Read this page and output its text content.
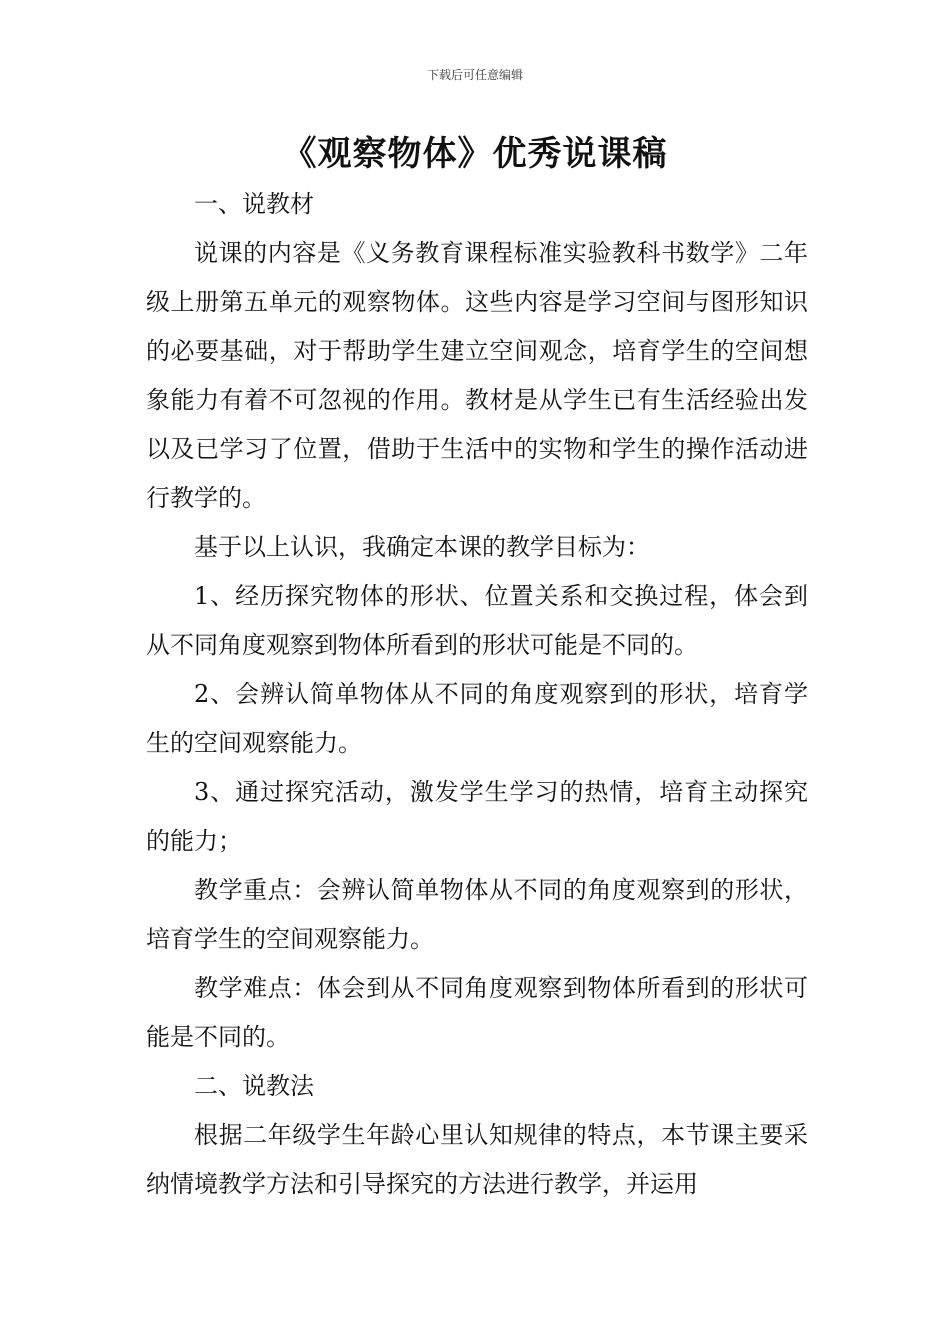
下载后可任意编辑
《观察物体》优秀说课稿

一、说教材

说课的内容是《义务教育课程标准实验教科书数学》二年级上册第五单元的观察物体。这些内容是学习空间与图形知识的必要基础，对于帮助学生建立空间观念，培育学生的空间想象能力有着不可忽视的作用。教材是从学生已有生活经验出发以及已学习了位置，借助于生活中的实物和学生的操作活动进行教学的。

基于以上认识，我确定本课的教学目标为：

1、经历探究物体的形状、位置关系和交换过程，体会到从不同角度观察到物体所看到的形状可能是不同的。

2、会辨认简单物体从不同的角度观察到的形状，培育学生的空间观察能力。

3、通过探究活动，激发学生学习的热情，培育主动探究的能力；

教学重点：会辨认简单物体从不同的角度观察到的形状，培育学生的空间观察能力。

教学难点：体会到从不同角度观察到物体所看到的形状可能是不同的。

二、说教法

根据二年级学生年龄心里认知规律的特点，本节课主要采纳情境教学方法和引导探究的方法进行教学，并运用
